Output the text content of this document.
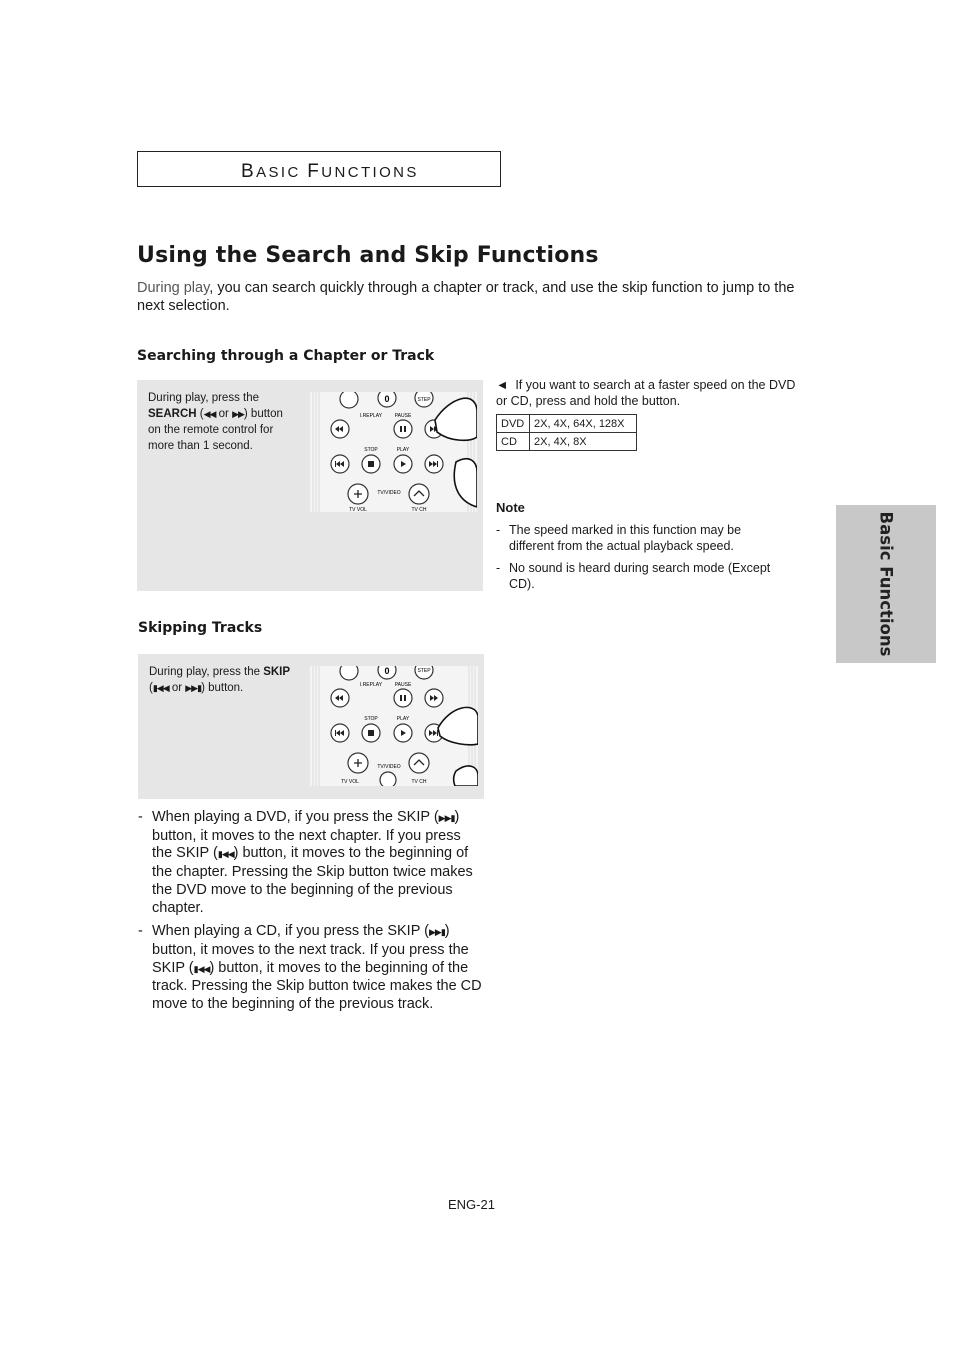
BASIC FUNCTIONS
Using the Search and Skip Functions
During play, you can search quickly through a chapter or track, and use the skip function to jump to the next selection.
Searching through a Chapter or Track
During play, press the SEARCH (◀◀ or ▶▶) button on the remote control for more than 1 second.
0	STEP
I.REPLAY	PAUSE
STOP	PLAY
TV/VIDEO
TV VOL	TV CH
◄ If you want to search at a faster speed on the DVD or CD, press and hold the button.
DVD	2X, 4X, 64X, 128X
CD	2X, 4X, 8X
Note
- The speed marked in this function may be different from the actual playback speed.
- No sound is heard during search mode (Except CD).	Basic Functions
Skipping Tracks
During play, press the SKIP
(▮◀◀ or ▶▶▮) button.
0	STEP
I.REPLAY	PAUSE
STOP	PLAY
TV/VIDEO
TV VOL	TV CH
- When playing a DVD, if you press the SKIP (▶▶▮) button, it moves to the next chapter. If you press the SKIP (▮◀◀) button, it moves to the beginning of the chapter. Pressing the Skip button twice makes the DVD move to the beginning of the previous chapter.
- When playing a CD, if you press the SKIP (▶▶▮) button, it moves to the next track. If you press the SKIP (▮◀◀) button, it moves to the beginning of the track. Pressing the Skip button twice makes the CD move to the beginning of the previous track.
ENG-21
